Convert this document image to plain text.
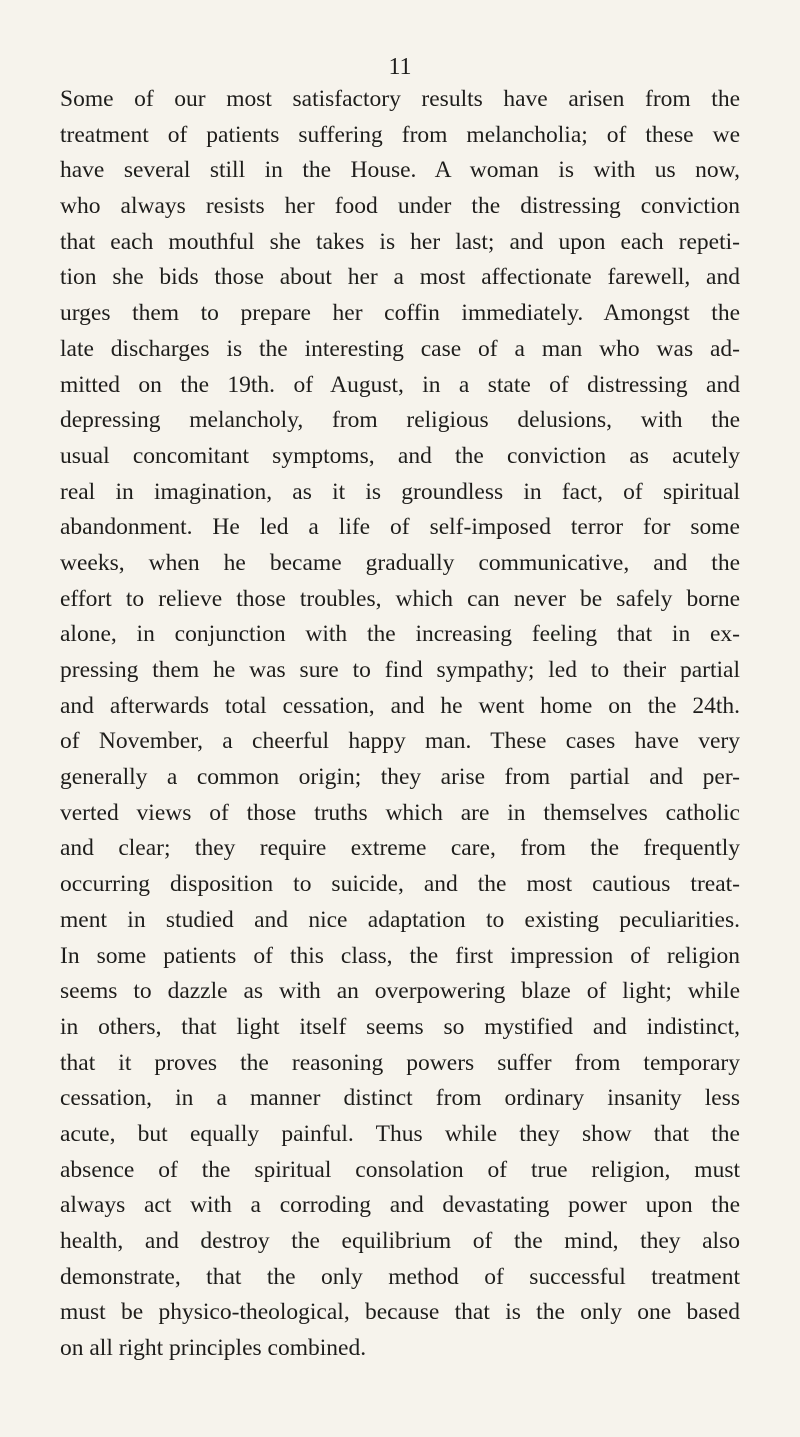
11
Some of our most satisfactory results have arisen from the
treatment of patients suffering from melancholia; of these we
have several still in the House. A woman is with us now,
who always resists her food under the distressing conviction
that each mouthful she takes is her last; and upon each repeti-
tion she bids those about her a most affectionate farewell, and
urges them to prepare her coffin immediately. Amongst the
late discharges is the interesting case of a man who was ad-
mitted on the 19th. of August, in a state of distressing and
depressing melancholy, from religious delusions, with the
usual concomitant symptoms, and the conviction as acutely
real in imagination, as it is groundless in fact, of spiritual
abandonment. He led a life of self-imposed terror for some
weeks, when he became gradually communicative, and the
effort to relieve those troubles, which can never be safely borne
alone, in conjunction with the increasing feeling that in ex-
pressing them he was sure to find sympathy; led to their partial
and afterwards total cessation, and he went home on the 24th.
of November, a cheerful happy man. These cases have very
generally a common origin; they arise from partial and per-
verted views of those truths which are in themselves catholic
and clear; they require extreme care, from the frequently
occurring disposition to suicide, and the most cautious treat-
ment in studied and nice adaptation to existing peculiarities.
In some patients of this class, the first impression of religion
seems to dazzle as with an overpowering blaze of light; while
in others, that light itself seems so mystified and indistinct,
that it proves the reasoning powers suffer from temporary
cessation, in a manner distinct from ordinary insanity less
acute, but equally painful. Thus while they show that the
absence of the spiritual consolation of true religion, must
always act with a corroding and devastating power upon the
health, and destroy the equilibrium of the mind, they also
demonstrate, that the only method of successful treatment
must be physico-theological, because that is the only one based
on all right principles combined.
